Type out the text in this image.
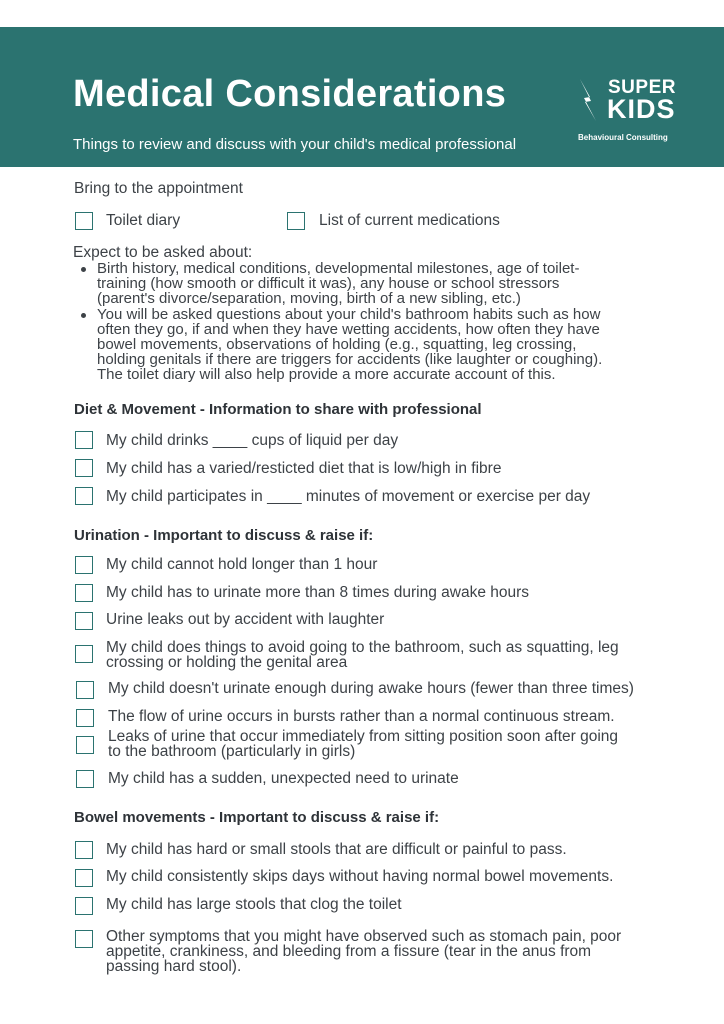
Medical Considerations
Things to review and discuss with your child's medical professional
SUPER
KIDS
Behavioural Consulting
Bring to the appointment
Toilet diary	List of current medications
Expect to be asked about:
Birth history, medical conditions, developmental milestones, age of toilet-
training (how smooth or difficult it was), any house or school stressors
(parent's divorce/separation, moving, birth of a new sibling, etc.)
You will be asked questions about your child's bathroom habits such as how
often they go, if and when they have wetting accidents, how often they have
bowel movements, observations of holding (e.g., squatting, leg crossing,
holding genitals if there are triggers for accidents (like laughter or coughing).
The toilet diary will also help provide a more accurate account of this.
Diet & Movement - Information to share with professional
My child drinks ____ cups of liquid per day
My child has a varied/resticted diet that is low/high in fibre
My child participates in ____ minutes of movement or exercise per day
Urination - Important to discuss & raise if:
My child cannot hold longer than 1 hour
My child has to urinate more than 8 times during awake hours
Urine leaks out by accident with laughter
My child does things to avoid going to the bathroom, such as squatting, leg
crossing or holding the genital area
My child doesn't urinate enough during awake hours (fewer than three times)
The flow of urine occurs in bursts rather than a normal continuous stream.
Leaks of urine that occur immediately from sitting position soon after going
to the bathroom (particularly in girls)
My child has a sudden, unexpected need to urinate
Bowel movements - Important to discuss & raise if:
My child has hard or small stools that are difficult or painful to pass.
My child consistently skips days without having normal bowel movements.
My child has large stools that clog the toilet
Other symptoms that you might have observed such as stomach pain, poor
appetite, crankiness, and bleeding from a fissure (tear in the anus from
passing hard stool).
